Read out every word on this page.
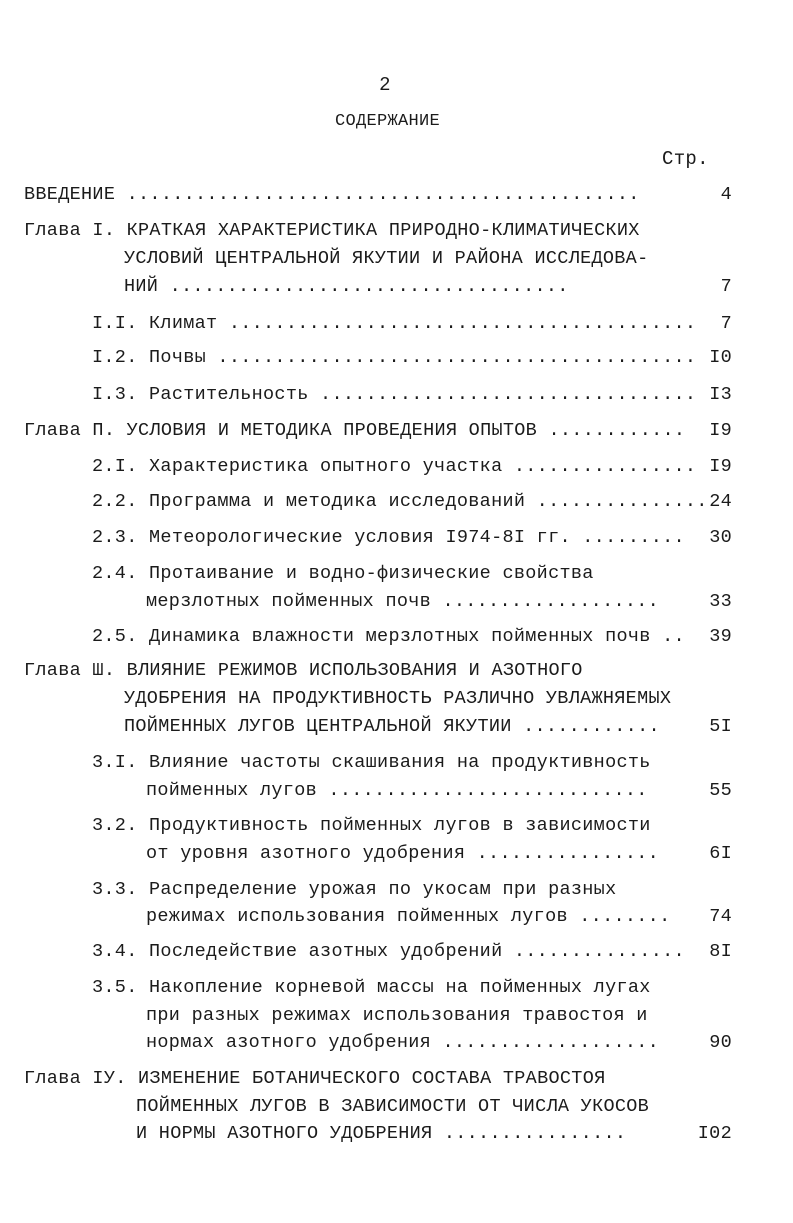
2
СОДЕРЖАНИЕ
Стр.
ВВЕДЕНИЕ .............................................	4
Глава I. КРАТКАЯ ХАРАКТЕРИСТИКА ПРИРОДНО-КЛИМАТИЧЕСКИХ
УСЛОВИЙ ЦЕНТРАЛЬНОЙ ЯКУТИИ И РАЙОНА ИССЛЕДОВА-
НИЙ ...................................	7
I.I. Климат .........................................	7
I.2. Почвы .......................................... I0
I.3. Растительность ................................. I3
Глава П. УСЛОВИЯ И МЕТОДИКА ПРОВЕДЕНИЯ ОПЫТОВ ............	I9
2.I. Характеристика опытного участка ................ I9
2.2. Программа и методика исследований ............... 24
2.3. Метеорологические условия I974-8I гг. .........	30
2.4. Протаивание и водно-физические свойства
мерзлотных пойменных почв ...................	33
2.5. Динамика влажности мерзлотных пойменных почв ..	39
Глава Ш. ВЛИЯНИЕ РЕЖИМОВ ИСПОЛЬЗОВАНИЯ И АЗОТНОГО
УДОБРЕНИЯ НА ПРОДУКТИВНОСТЬ РАЗЛИЧНО УВЛАЖНЯЕМЫХ
ПОЙМЕННЫХ ЛУГОВ ЦЕНТРАЛЬНОЙ ЯКУТИИ ............	5I
3.I. Влияние частоты скашивания на продуктивность
пойменных лугов ............................	55
3.2. Продуктивность пойменных лугов в зависимости
от уровня азотного удобрения ................	6I
3.3. Распределение урожая по укосам при разных
режимах использования пойменных лугов ........	74
3.4. Последействие азотных удобрений ...............	8I
3.5. Накопление корневой массы на пойменных лугах
при разных режимах использования травостоя и
нормах азотного удобрения ...................	90
Глава IУ. ИЗМЕНЕНИЕ БОТАНИЧЕСКОГО СОСТАВА ТРАВОСТОЯ
ПОЙМЕННЫХ ЛУГОВ В ЗАВИСИМОСТИ ОТ ЧИСЛА УКОСОВ
И НОРМЫ АЗОТНОГО УДОБРЕНИЯ ................	I02
